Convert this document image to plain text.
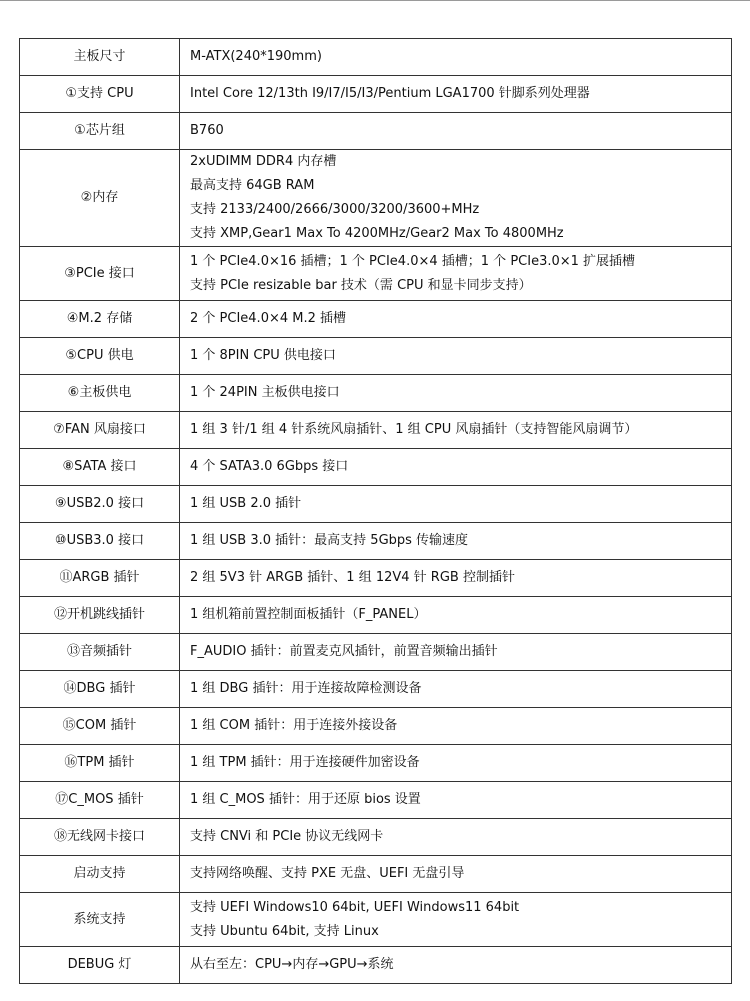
主板尺寸	M-ATX(240*190mm)

①支持 CPU	Intel Core 12/13th I9/I7/I5/I3/Pentium LGA1700 针脚系列处理器

①芯片组	B760

②内存	2xUDIMM DDR4 内存槽
最高支持 64GB RAM
支持 2133/2400/2666/3000/3200/3600+MHz
支持 XMP,Gear1 Max To 4200MHz/Gear2 Max To 4800MHz

③PCIe 接口	1 个 PCIe4.0×16 插槽；1 个 PCIe4.0×4 插槽；1 个 PCIe3.0×1 扩展插槽
支持 PCIe resizable bar 技术（需 CPU 和显卡同步支持）

④M.2 存储	2 个 PCIe4.0×4 M.2 插槽

⑤CPU 供电	1 个 8PIN CPU 供电接口

⑥主板供电	1 个 24PIN 主板供电接口

⑦FAN 风扇接口	1 组 3 针/1 组 4 针系统风扇插针、1 组 CPU 风扇插针（支持智能风扇调节）

⑧SATA 接口	4 个 SATA3.0 6Gbps 接口

⑨USB2.0 接口	1 组 USB 2.0 插针

⑩USB3.0 接口	1 组 USB 3.0 插针：最高支持 5Gbps 传输速度

⑪ARGB 插针	2 组 5V3 针 ARGB 插针、1 组 12V4 针 RGB 控制插针

⑫开机跳线插针	1 组机箱前置控制面板插针（F_PANEL）

⑬音频插针	F_AUDIO 插针：前置麦克风插针，前置音频输出插针

⑭DBG 插针	1 组 DBG 插针：用于连接故障检测设备

⑮COM 插针	1 组 COM 插针：用于连接外接设备

⑯TPM 插针	1 组 TPM 插针：用于连接硬件加密设备

⑰C_MOS 插针	1 组 C_MOS 插针：用于还原 bios 设置

⑱无线网卡接口	支持 CNVi 和 PCIe 协议无线网卡

启动支持	支持网络唤醒、支持 PXE 无盘、UEFI 无盘引导

系统支持	支持 UEFI Windows10 64bit, UEFI Windows11 64bit
支持 Ubuntu 64bit, 支持 Linux

DEBUG 灯	从右至左：CPU→内存→GPU→系统
